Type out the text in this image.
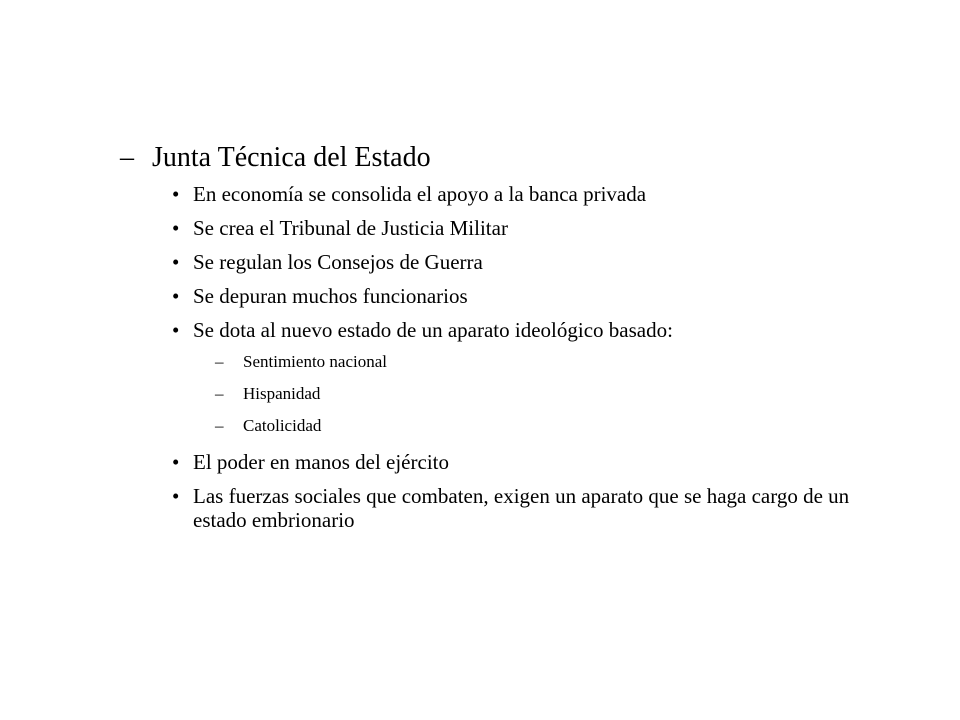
– Junta Técnica del Estado
• En economía se consolida el apoyo a la banca privada
• Se crea el Tribunal de Justicia Militar
• Se regulan los Consejos de Guerra
• Se depuran muchos funcionarios
• Se dota al nuevo estado de un aparato ideológico basado:
–	Sentimiento nacional
–	Hispanidad
–	Catolicidad
• El poder en manos del ejército
• Las fuerzas sociales que combaten, exigen un aparato que se haga cargo de un estado embrionario
